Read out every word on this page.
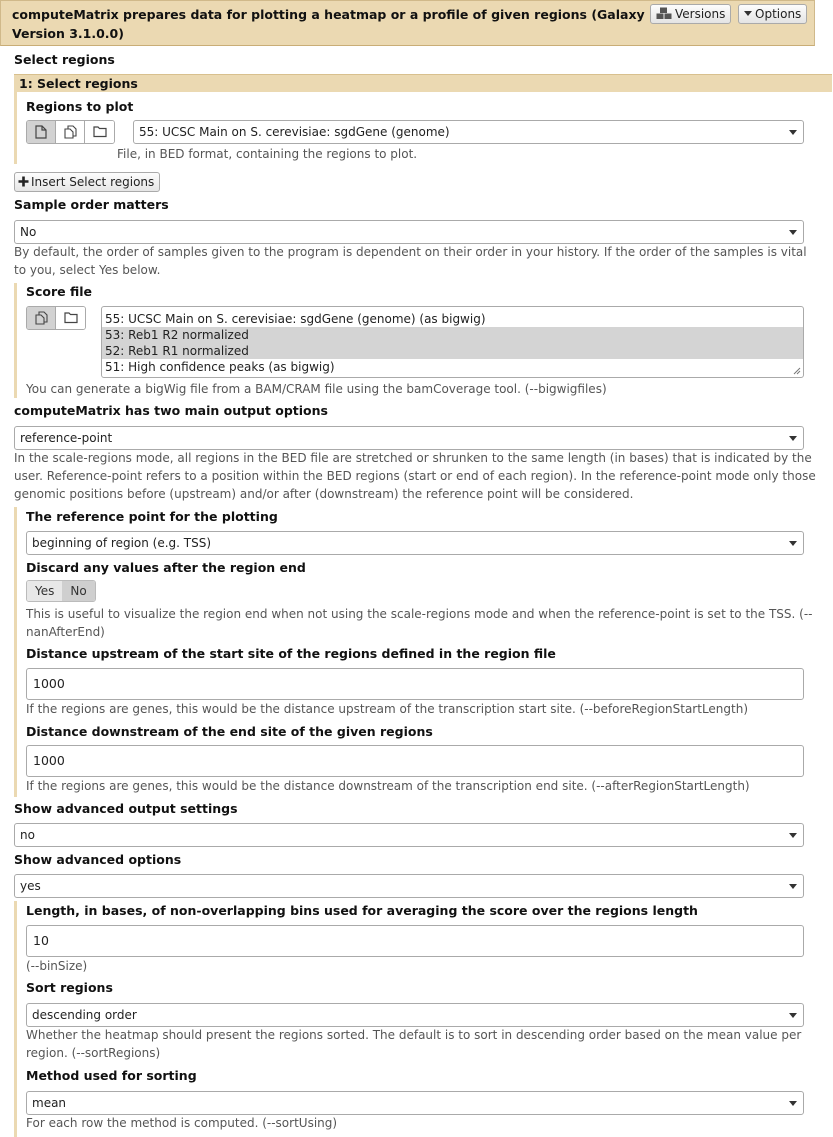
computeMatrix prepares data for plotting a heatmap or a profile of given regions (Galaxy Version 3.1.0.0)
Versions	Options
Select regions
1: Select regions
Regions to plot
55: UCSC Main on S. cerevisiae: sgdGene (genome)
File, in BED format, containing the regions to plot.
Insert Select regions
Sample order matters
No
By default, the order of samples given to the program is dependent on their order in your history. If the order of the samples is vital to you, select Yes below.
Score file
55: UCSC Main on S. cerevisiae: sgdGene (genome) (as bigwig)
53: Reb1 R2 normalized
52: Reb1 R1 normalized
51: High confidence peaks (as bigwig)
You can generate a bigWig file from a BAM/CRAM file using the bamCoverage tool. (--bigwigfiles)
computeMatrix has two main output options
reference-point
In the scale-regions mode, all regions in the BED file are stretched or shrunken to the same length (in bases) that is indicated by the user. Reference-point refers to a position within the BED regions (start or end of each region). In the reference-point mode only those genomic positions before (upstream) and/or after (downstream) the reference point will be considered.
The reference point for the plotting
beginning of region (e.g. TSS)
Discard any values after the region end
Yes	No
This is useful to visualize the region end when not using the scale-regions mode and when the reference-point is set to the TSS. (--nanAfterEnd)
Distance upstream of the start site of the regions defined in the region file
1000
If the regions are genes, this would be the distance upstream of the transcription start site. (--beforeRegionStartLength)
Distance downstream of the end site of the given regions
1000
If the regions are genes, this would be the distance downstream of the transcription end site. (--afterRegionStartLength)
Show advanced output settings
no
Show advanced options
yes
Length, in bases, of non-overlapping bins used for averaging the score over the regions length
10
(--binSize)
Sort regions
descending order
Whether the heatmap should present the regions sorted. The default is to sort in descending order based on the mean value per region. (--sortRegions)
Method used for sorting
mean
For each row the method is computed. (--sortUsing)
